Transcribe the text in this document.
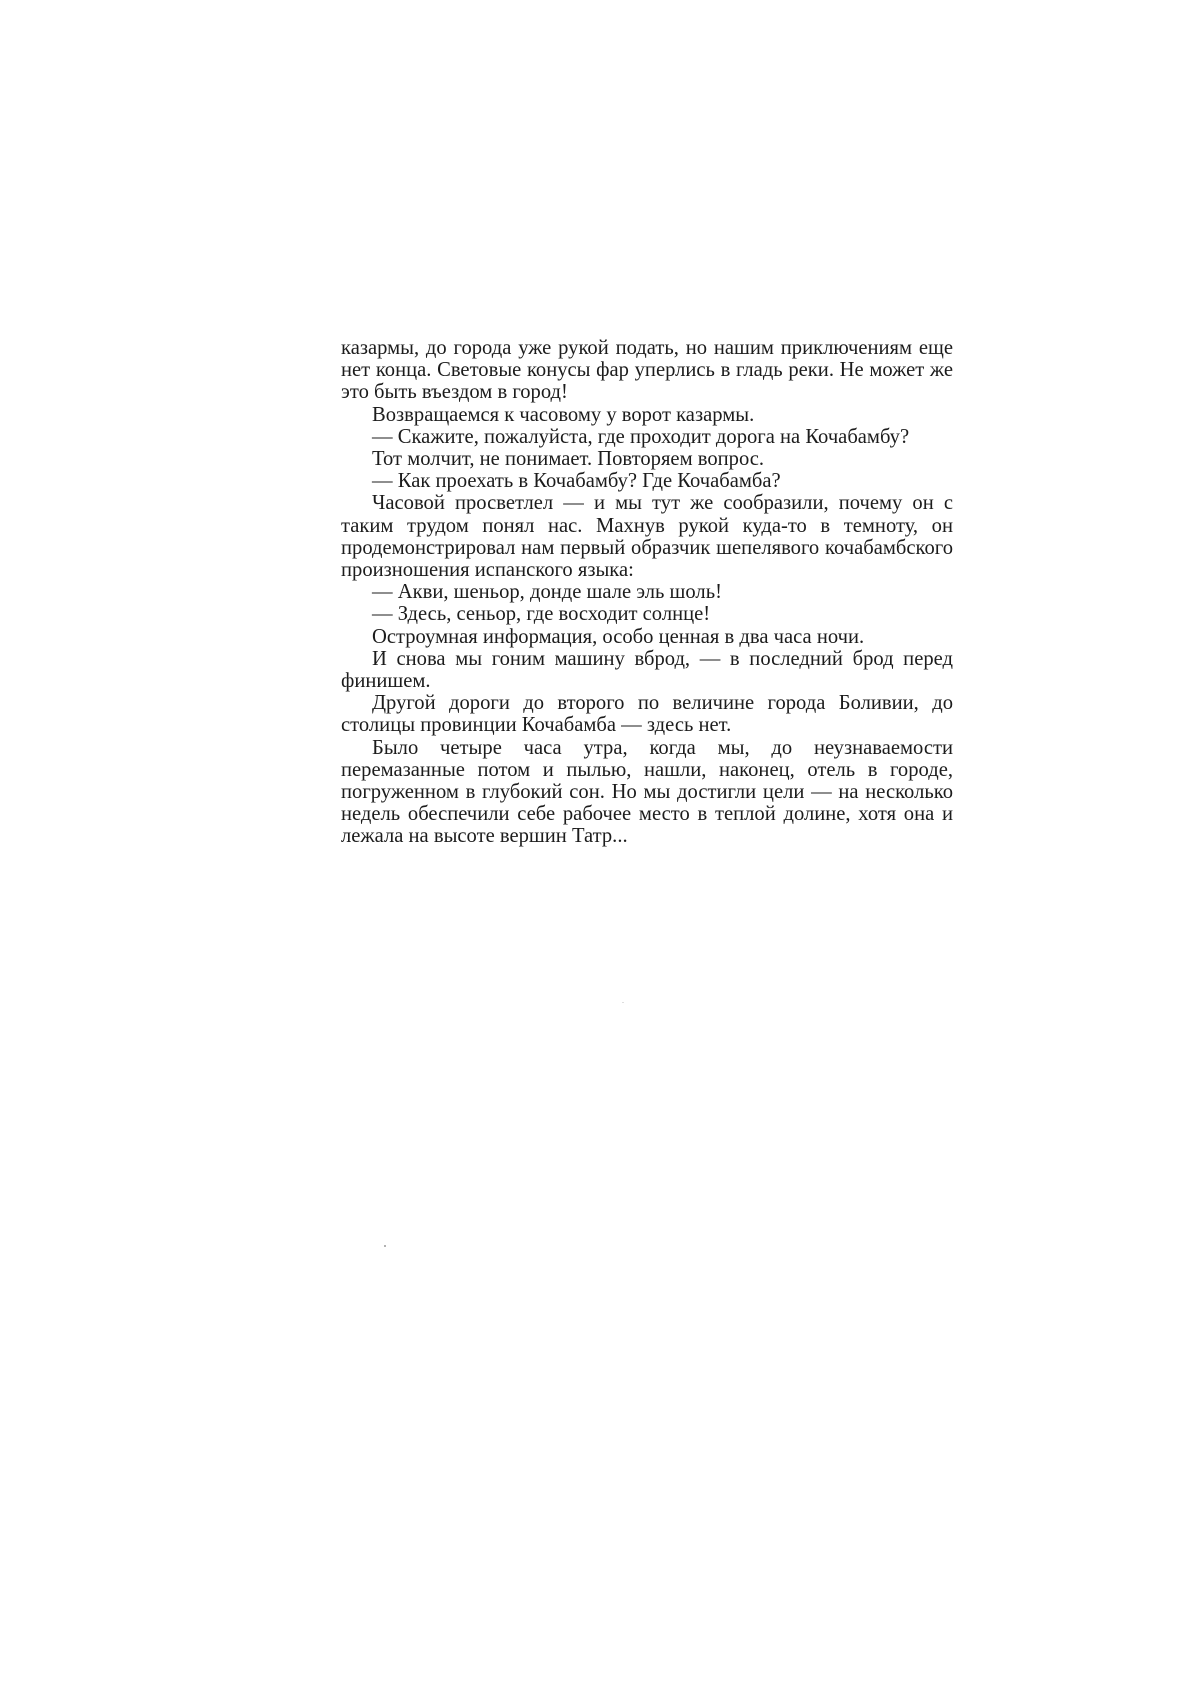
казармы, до города уже рукой подать, но нашим приключениям еще нет конца. Световые конусы фар уперлись в гладь реки. Не может же это быть въездом в город!

Возвращаемся к часовому у ворот казармы.

— Скажите, пожалуйста, где проходит дорога на Кочабамбу?

Тот молчит, не понимает. Повторяем вопрос.

— Как проехать в Кочабамбу? Где Кочабамба?

Часовой просветлел — и мы тут же сообразили, почему он с таким трудом понял нас. Махнув рукой куда-то в темноту, он продемонстрировал нам первый образчик шепелявого кочабамбского произношения испанского языка:

— Акви, шеньор, донде шале эль шоль!

— Здесь, сеньор, где восходит солнце!

Остроумная информация, особо ценная в два часа ночи.

И снова мы гоним машину вброд, — в последний брод перед финишем.

Другой дороги до второго по величине города Боливии, до столицы провинции Кочабамба — здесь нет.

Было четыре часа утра, когда мы, до неузнаваемости перемазанные потом и пылью, нашли, наконец, отель в городе, погруженном в глубокий сон. Но мы достигли цели — на несколько недель обеспечили себе рабочее место в теплой долине, хотя она и лежала на высоте вершин Татр...
